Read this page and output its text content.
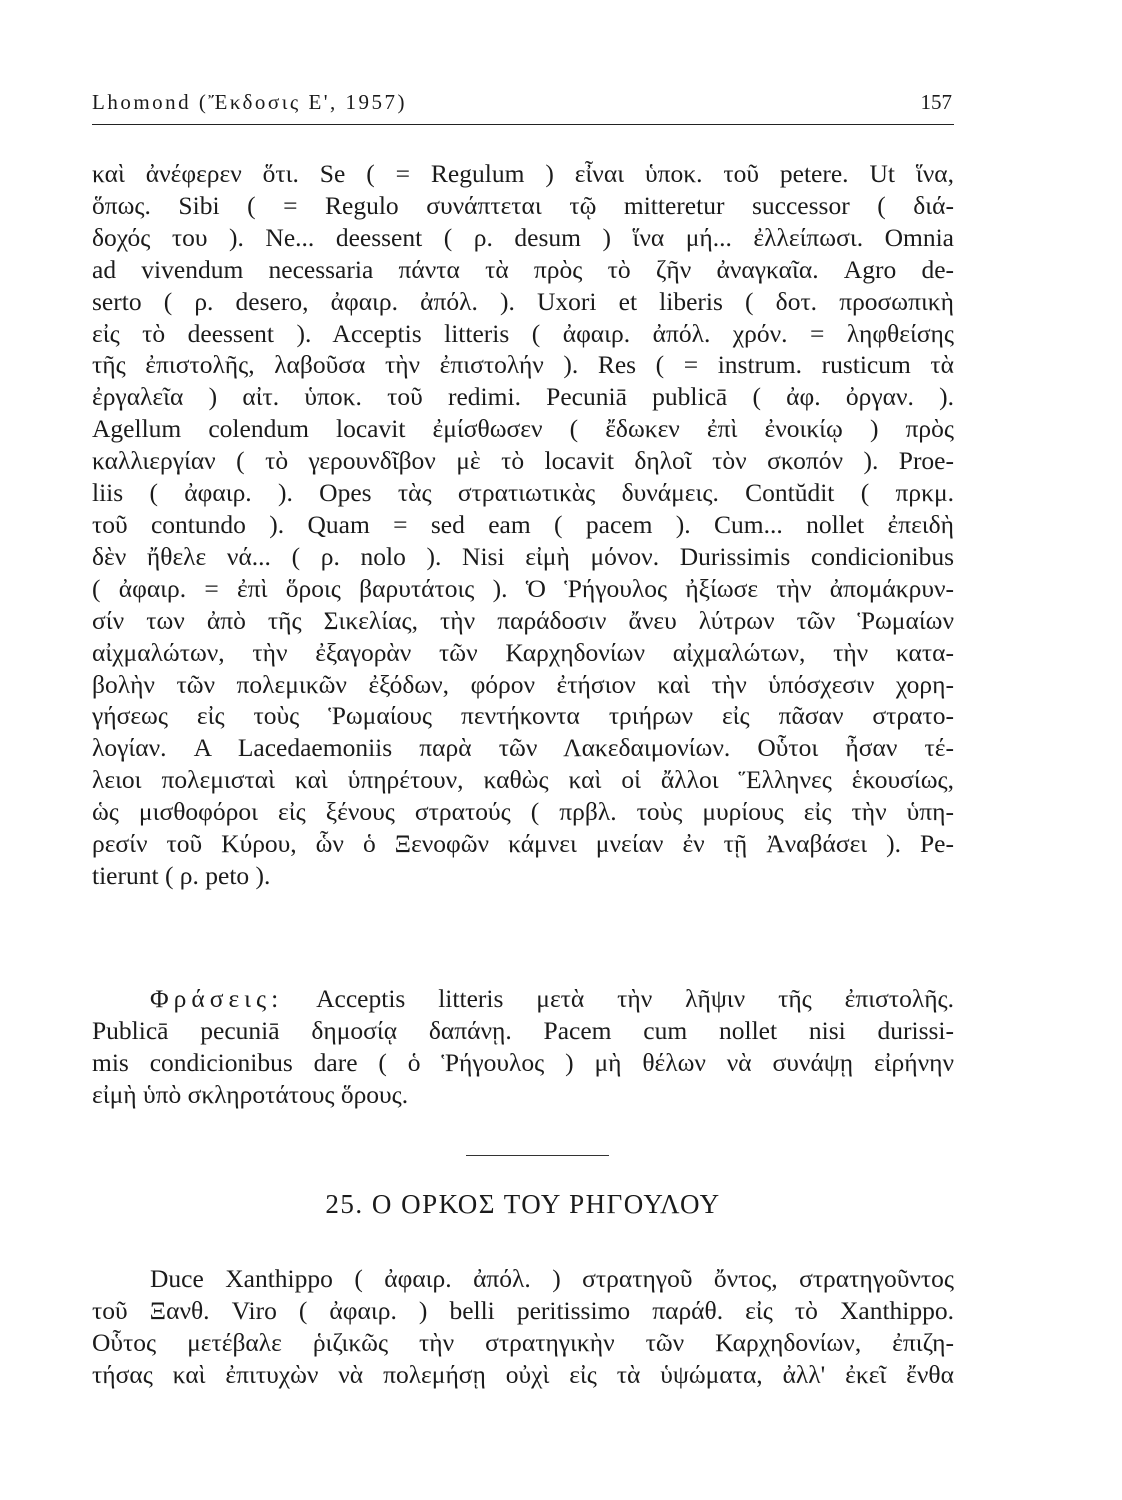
Lhomond (Ἔκδοσις Ε', 1957)	157
καὶ ἀνέφερεν ὅτι. Se ( = Regulum ) εἶναι ὑποκ. τοῦ petere. Ut ἵνα,
ὅπως. Sibi ( = Regulo συνάπτεται τῷ mitteretur successor ( διά-
δοχός του ). Ne... deessent ( ρ. desum ) ἵνα μή... ἐλλείπωσι. Omnia
ad vivendum necessaria πάντα τὰ πρὸς τὸ ζῆν ἀναγκαῖα. Agro de-
serto ( ρ. desero, ἀφαιρ. ἀπόλ. ). Uxori et liberis ( δοτ. προσωπικὴ
εἰς τὸ deessent ). Acceptis litteris ( ἀφαιρ. ἀπόλ. χρόν. = ληφθείσης
τῆς ἐπιστολῆς, λαβοῦσα τὴν ἐπιστολήν ). Res ( = instrum. rusticum τὰ
ἐργαλεῖα ) αἰτ. ὑποκ. τοῦ redimi. Pecuniā publicā ( ἀφ. ὀργαν. ).
Agellum colendum locavit ἐμίσθωσεν ( ἔδωκεν ἐπὶ ἐνοικίῳ ) πρὸς
καλλιεργίαν ( τὸ γερουνδῖβον μὲ τὸ locavit δηλοῖ τὸν σκοπόν ). Proe-
liis ( ἀφαιρ. ). Opes τὰς στρατιωτικὰς δυνάμεις. Contŭdit ( πρκμ.
τοῦ contundo ). Quam = sed eam ( pacem ). Cum... nollet ἐπειδὴ
δὲν ἤθελε νά... ( ρ. nolo ). Nisi εἰμὴ μόνον. Durissimis condicionibus
( ἀφαιρ. = ἐπὶ ὅροις βαρυτάτοις ). Ὁ Ῥήγουλος ἠξίωσε τὴν ἀπομάκρυν-
σίν των ἀπὸ τῆς Σικελίας, τὴν παράδοσιν ἄνευ λύτρων τῶν Ῥωμαίων
αἰχμαλώτων, τὴν ἐξαγορὰν τῶν Καρχηδονίων αἰχμαλώτων, τὴν κατα-
βολὴν τῶν πολεμικῶν ἐξόδων, φόρον ἐτήσιον καὶ τὴν ὑπόσχεσιν χορη-
γήσεως εἰς τοὺς Ῥωμαίους πεντήκοντα τριήρων εἰς πᾶσαν στρατο-
λογίαν. A Lacedaemoniis παρὰ τῶν Λακεδαιμονίων. Οὗτοι ἦσαν τέ-
λειοι πολεμισταὶ καὶ ὑπηρέτουν, καθὼς καὶ οἱ ἄλλοι Ἕλληνες ἑκουσίως,
ὡς μισθοφόροι εἰς ξένους στρατούς ( πρβλ. τοὺς μυρίους εἰς τὴν ὑπη-
ρεσίν τοῦ Κύρου, ὧν ὁ Ξενοφῶν κάμνει μνείαν ἐν τῇ Ἀναβάσει ). Pe-
tierunt ( ρ. peto ).
Φράσεις: Acceptis litteris μετὰ τὴν λῆψιν τῆς ἐπιστολῆς.
Publicā pecuniā δημοσίᾳ δαπάνῃ. Pacem cum nollet nisi durissi-
mis condicionibus dare ( ὁ Ῥήγουλος ) μὴ θέλων νὰ συνάψῃ εἰρήνην
εἰμὴ ὑπὸ σκληροτάτους ὅρους.
25. Ο ΟΡΚΟΣ ΤΟΥ ΡΗΓΟΥΛΟΥ
Duce Xanthippo ( ἀφαιρ. ἀπόλ. ) στρατηγοῦ ὄντος, στρατηγοῦντος
τοῦ Ξανθ. Viro ( ἀφαιρ. ) belli peritissimo παράθ. εἰς τὸ Xanthippo.
Οὗτος μετέβαλε ῥιζικῶς τὴν στρατηγικὴν τῶν Καρχηδονίων, ἐπιζη-
τήσας καὶ ἐπιτυχὼν νὰ πολεμήσῃ οὐχὶ εἰς τὰ ὑψώματα, ἀλλ' ἐκεῖ ἔνθα
